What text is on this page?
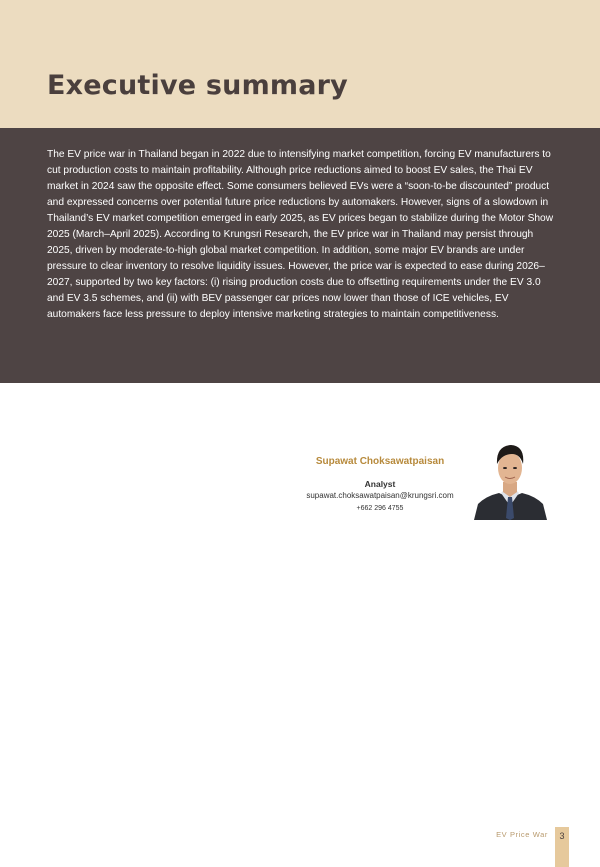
Executive summary

The EV price war in Thailand began in 2022 due to intensifying market competition, forcing EV manufacturers to cut production costs to maintain profitability. Although price reductions aimed to boost EV sales, the Thai EV market in 2024 saw the opposite effect. Some consumers believed EVs were a “soon-to-be discounted” product and expressed concerns over potential future price reductions by automakers. However, signs of a slowdown in Thailand’s EV market competition emerged in early 2025, as EV prices began to stabilize during the Motor Show 2025 (March–April 2025). According to Krungsri Research, the EV price war in Thailand may persist through 2025, driven by moderate-to-high global market competition. In addition, some major EV brands are under pressure to clear inventory to resolve liquidity issues. However, the price war is expected to ease during 2026–2027, supported by two key factors: (i) rising production costs due to offsetting requirements under the EV 3.0 and EV 3.5 schemes, and (ii) with BEV passenger car prices now lower than those of ICE vehicles, EV automakers face less pressure to deploy intensive marketing strategies to maintain competitiveness.

Supawat Choksawatpaisan
Analyst
supawat.choksawatpaisan@krungsri.com
+662 296 4755
EV Price War	3
